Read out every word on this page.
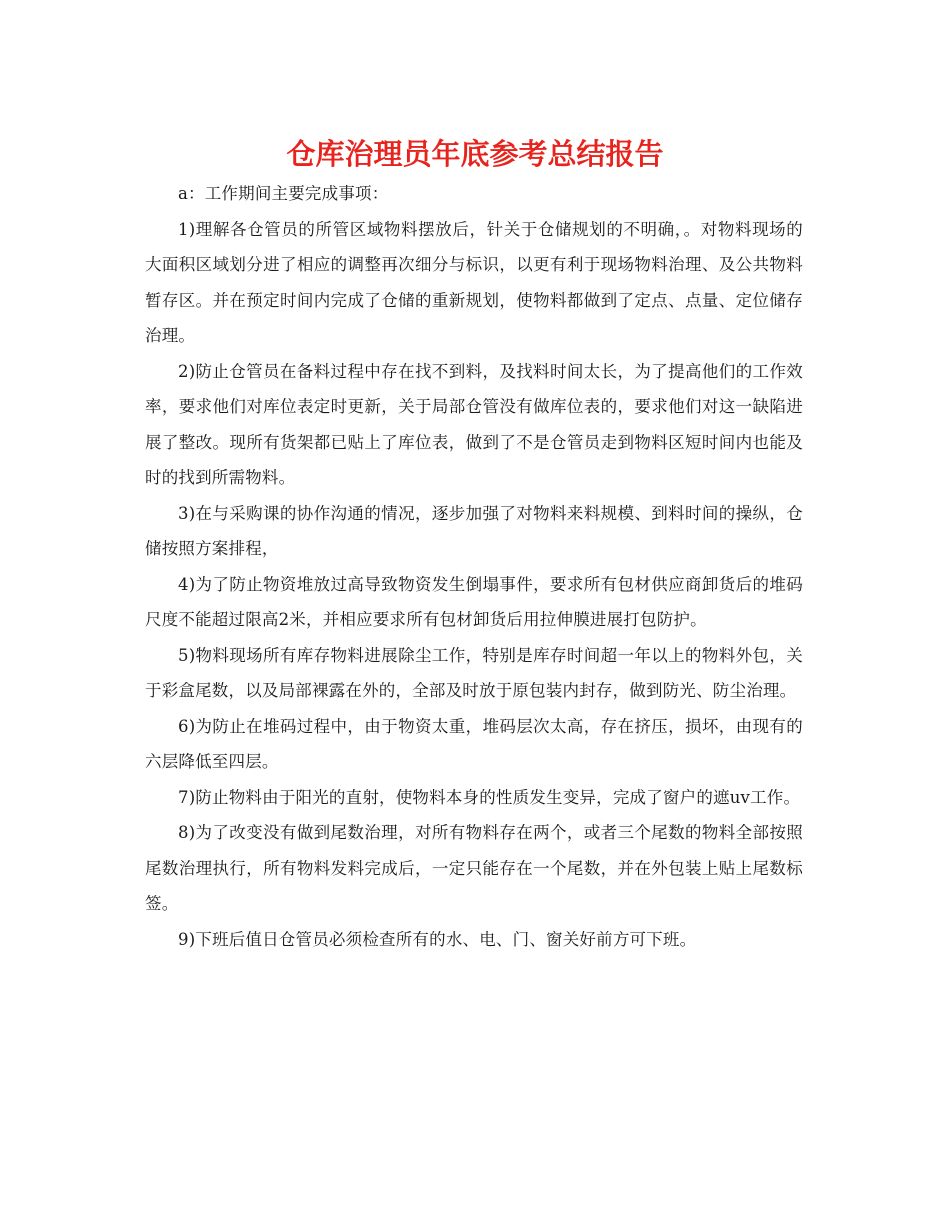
仓库治理员年底参考总结报告

a：工作期间主要完成事项：

1)理解各仓管员的所管区域物料摆放后，针关于仓储规划的不明确，。对物料现场的大面积区域划分进了相应的调整再次细分与标识，以更有利于现场物料治理、及公共物料暂存区。并在预定时间内完成了仓储的重新规划，使物料都做到了定点、点量、定位储存治理。

2)防止仓管员在备料过程中存在找不到料，及找料时间太长，为了提高他们的工作效率，要求他们对库位表定时更新，关于局部仓管没有做库位表的，要求他们对这一缺陷进展了整改。现所有货架都已贴上了库位表，做到了不是仓管员走到物料区短时间内也能及时的找到所需物料。

3)在与采购课的协作沟通的情况，逐步加强了对物料来料规模、到料时间的操纵，仓储按照方案排程，

4)为了防止物资堆放过高导致物资发生倒塌事件，要求所有包材供应商卸货后的堆码尺度不能超过限高2米，并相应要求所有包材卸货后用拉伸膜进展打包防护。

5)物料现场所有库存物料进展除尘工作，特别是库存时间超一年以上的物料外包，关于彩盒尾数，以及局部裸露在外的，全部及时放于原包装内封存，做到防光、防尘治理。

6)为防止在堆码过程中，由于物资太重，堆码层次太高，存在挤压，损坏，由现有的六层降低至四层。

7)防止物料由于阳光的直射，使物料本身的性质发生变异，完成了窗户的遮uv工作。

8)为了改变没有做到尾数治理，对所有物料存在两个，或者三个尾数的物料全部按照尾数治理执行，所有物料发料完成后，一定只能存在一个尾数，并在外包装上贴上尾数标签。

9)下班后值日仓管员必须检查所有的水、电、门、窗关好前方可下班。
